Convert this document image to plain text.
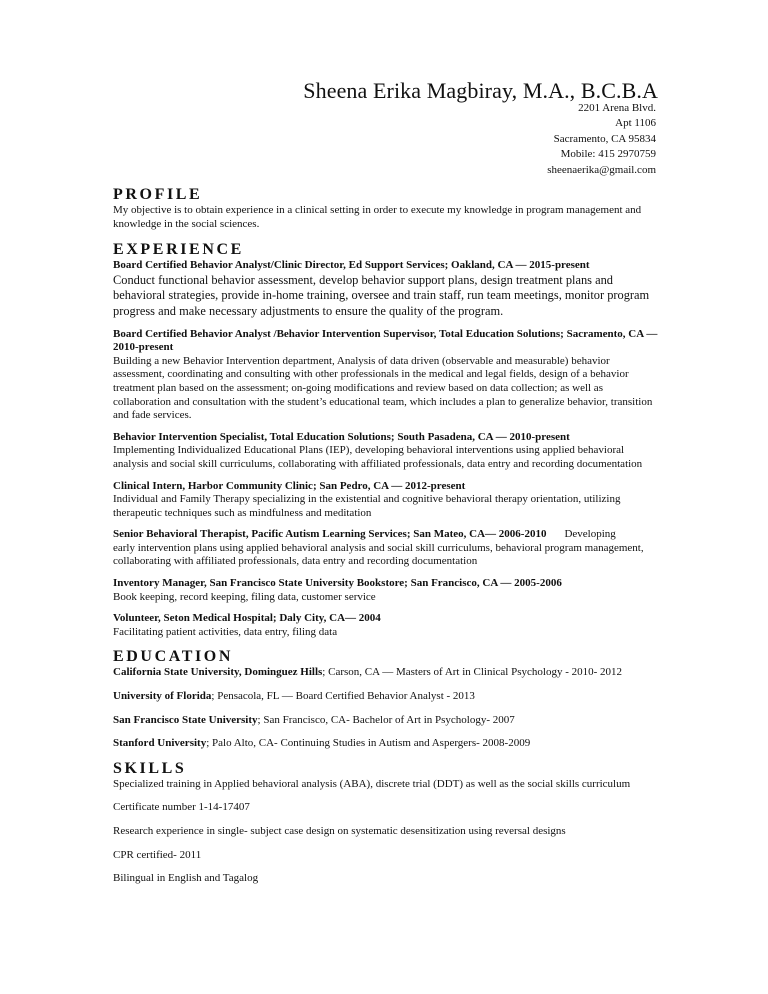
Sheena Erika Magbiray, M.A., B.C.B.A
2201 Arena Blvd.
Apt 1106
Sacramento, CA 95834
Mobile: 415 2970759
sheenaerika@gmail.com

PROFILE

My objective is to obtain experience in a clinical setting in order to execute my knowledge in program management and knowledge in the social sciences.

EXPERIENCE

Board Certified Behavior Analyst/Clinic Director, Ed Support Services; Oakland, CA — 2015-present

Conduct functional behavior assessment, develop behavior support plans, design treatment plans and behavioral strategies, provide in-home training, oversee and train staff, run team meetings, monitor program progress and make necessary adjustments to ensure the quality of the program.

Board Certified Behavior Analyst /Behavior Intervention Supervisor, Total Education Solutions; Sacramento, CA — 2010-present

Building a new Behavior Intervention department, Analysis of data driven (observable and measurable) behavior assessment, coordinating and consulting with other professionals in the medical and legal fields, design of a behavior treatment plan based on the assessment; on-going modifications and review based on data collection; as well as collaboration and consultation with the student’s educational team, which includes a plan to generalize behavior, transition and fade services.

Behavior Intervention Specialist, Total Education Solutions; South Pasadena, CA — 2010-present

Implementing Individualized Educational Plans (IEP), developing behavioral interventions using applied behavioral analysis and social skill curriculums, collaborating with affiliated professionals, data entry and recording documentation

Clinical Intern, Harbor Community Clinic; San Pedro, CA — 2012-present

Individual and Family Therapy specializing in the existential and cognitive behavioral therapy orientation, utilizing therapeutic techniques such as mindfulness and meditation

Senior Behavioral Therapist, Pacific Autism Learning Services; San Mateo, CA— 2006-2010 Developing

early intervention plans using applied behavioral analysis and social skill curriculums, behavioral program management, collaborating with affiliated professionals, data entry and recording documentation

Inventory Manager, San Francisco State University Bookstore; San Francisco, CA — 2005-2006

Book keeping, record keeping, filing data, customer service

Volunteer, Seton Medical Hospital; Daly City, CA— 2004

Facilitating patient activities, data entry, filing data

EDUCATION

California State University, Dominguez Hills; Carson, CA — Masters of Art in Clinical Psychology - 2010- 2012

University of Florida; Pensacola, FL — Board Certified Behavior Analyst - 2013

San Francisco State University; San Francisco, CA- Bachelor of Art in Psychology- 2007

Stanford University; Palo Alto, CA- Continuing Studies in Autism and Aspergers- 2008-2009

SKILLS

Specialized training in Applied behavioral analysis (ABA), discrete trial (DDT) as well as the social skills curriculum

Certificate number 1-14-17407

Research experience in single- subject case design on systematic desensitization using reversal designs

CPR certified- 2011

Bilingual in English and Tagalog
